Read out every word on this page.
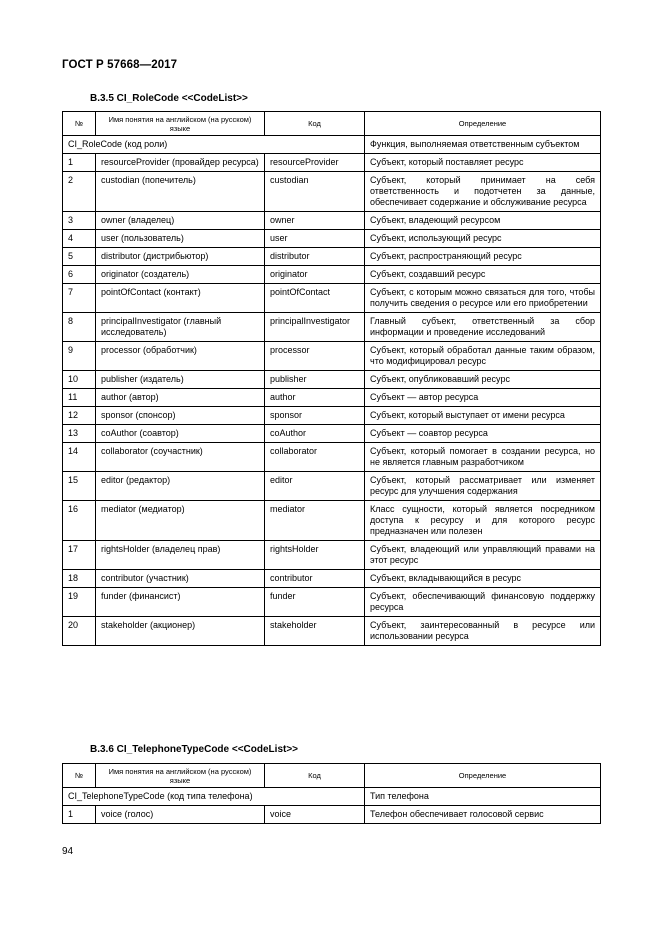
ГОСТ Р 57668—2017
B.3.5 CI_RoleCode <<CodeList>>
№	Имя понятия на английском (на русском) языке	Код	Определение
CI_RoleCode (код роли)			Функция, выполняемая ответственным субъектом
1	resourceProvider (провайдер ресурса)	resourceProvider	Субъект, который поставляет ресурс
2	custodian (попечитель)	custodian	Субъект, который принимает на себя ответственность и подотчетен за данные, обеспечивает содержание и обслуживание ресурса
3	owner (владелец)	owner	Субъект, владеющий ресурсом
4	user (пользователь)	user	Субъект, использующий ресурс
5	distributor (дистрибьютор)	distributor	Субъект, распространяющий ресурс
6	originator (создатель)	originator	Субъект, создавший ресурс
7	pointOfContact (контакт)	pointOfContact	Субъект, с которым можно связаться для того, чтобы получить сведения о ресурсе или его приобретении
8	principalInvestigator (главный исследователь)	principalInvestigator	Главный субъект, ответственный за сбор информации и проведение исследований
9	processor (обработчик)	processor	Субъект, который обработал данные таким образом, что модифицировал ресурс
10	publisher (издатель)	publisher	Субъект, опубликовавший ресурс
11	author (автор)	author	Субъект — автор ресурса
12	sponsor (спонсор)	sponsor	Субъект, который выступает от имени ресурса
13	coAuthor (соавтор)	coAuthor	Субъект — соавтор ресурса
14	collaborator (соучастник)	collaborator	Субъект, который помогает в создании ресурса, но не является главным разработчиком
15	editor (редактор)	editor	Субъект, который рассматривает или изменяет ресурс для улучшения содержания
16	mediator (медиатор)	mediator	Класс сущности, который является посредником доступа к ресурсу и для которого ресурс предназначен или полезен
17	rightsHolder (владелец прав)	rightsHolder	Субъект, владеющий или управляющий правами на этот ресурс
18	contributor (участник)	contributor	Субъект, вкладывающийся в ресурс
19	funder (финансист)	funder	Субъект, обеспечивающий финансовую поддержку ресурса
20	stakeholder (акционер)	stakeholder	Субъект, заинтересованный в ресурсе или использовании ресурса
B.3.6 CI_TelephoneTypeCode <<CodeList>>
№	Имя понятия на английском (на русском) языке	Код	Определение
CI_TelephoneTypeCode (код типа телефона)			Тип телефона
1	voice (голос)	voice	Телефон обеспечивает голосовой сервис
94
